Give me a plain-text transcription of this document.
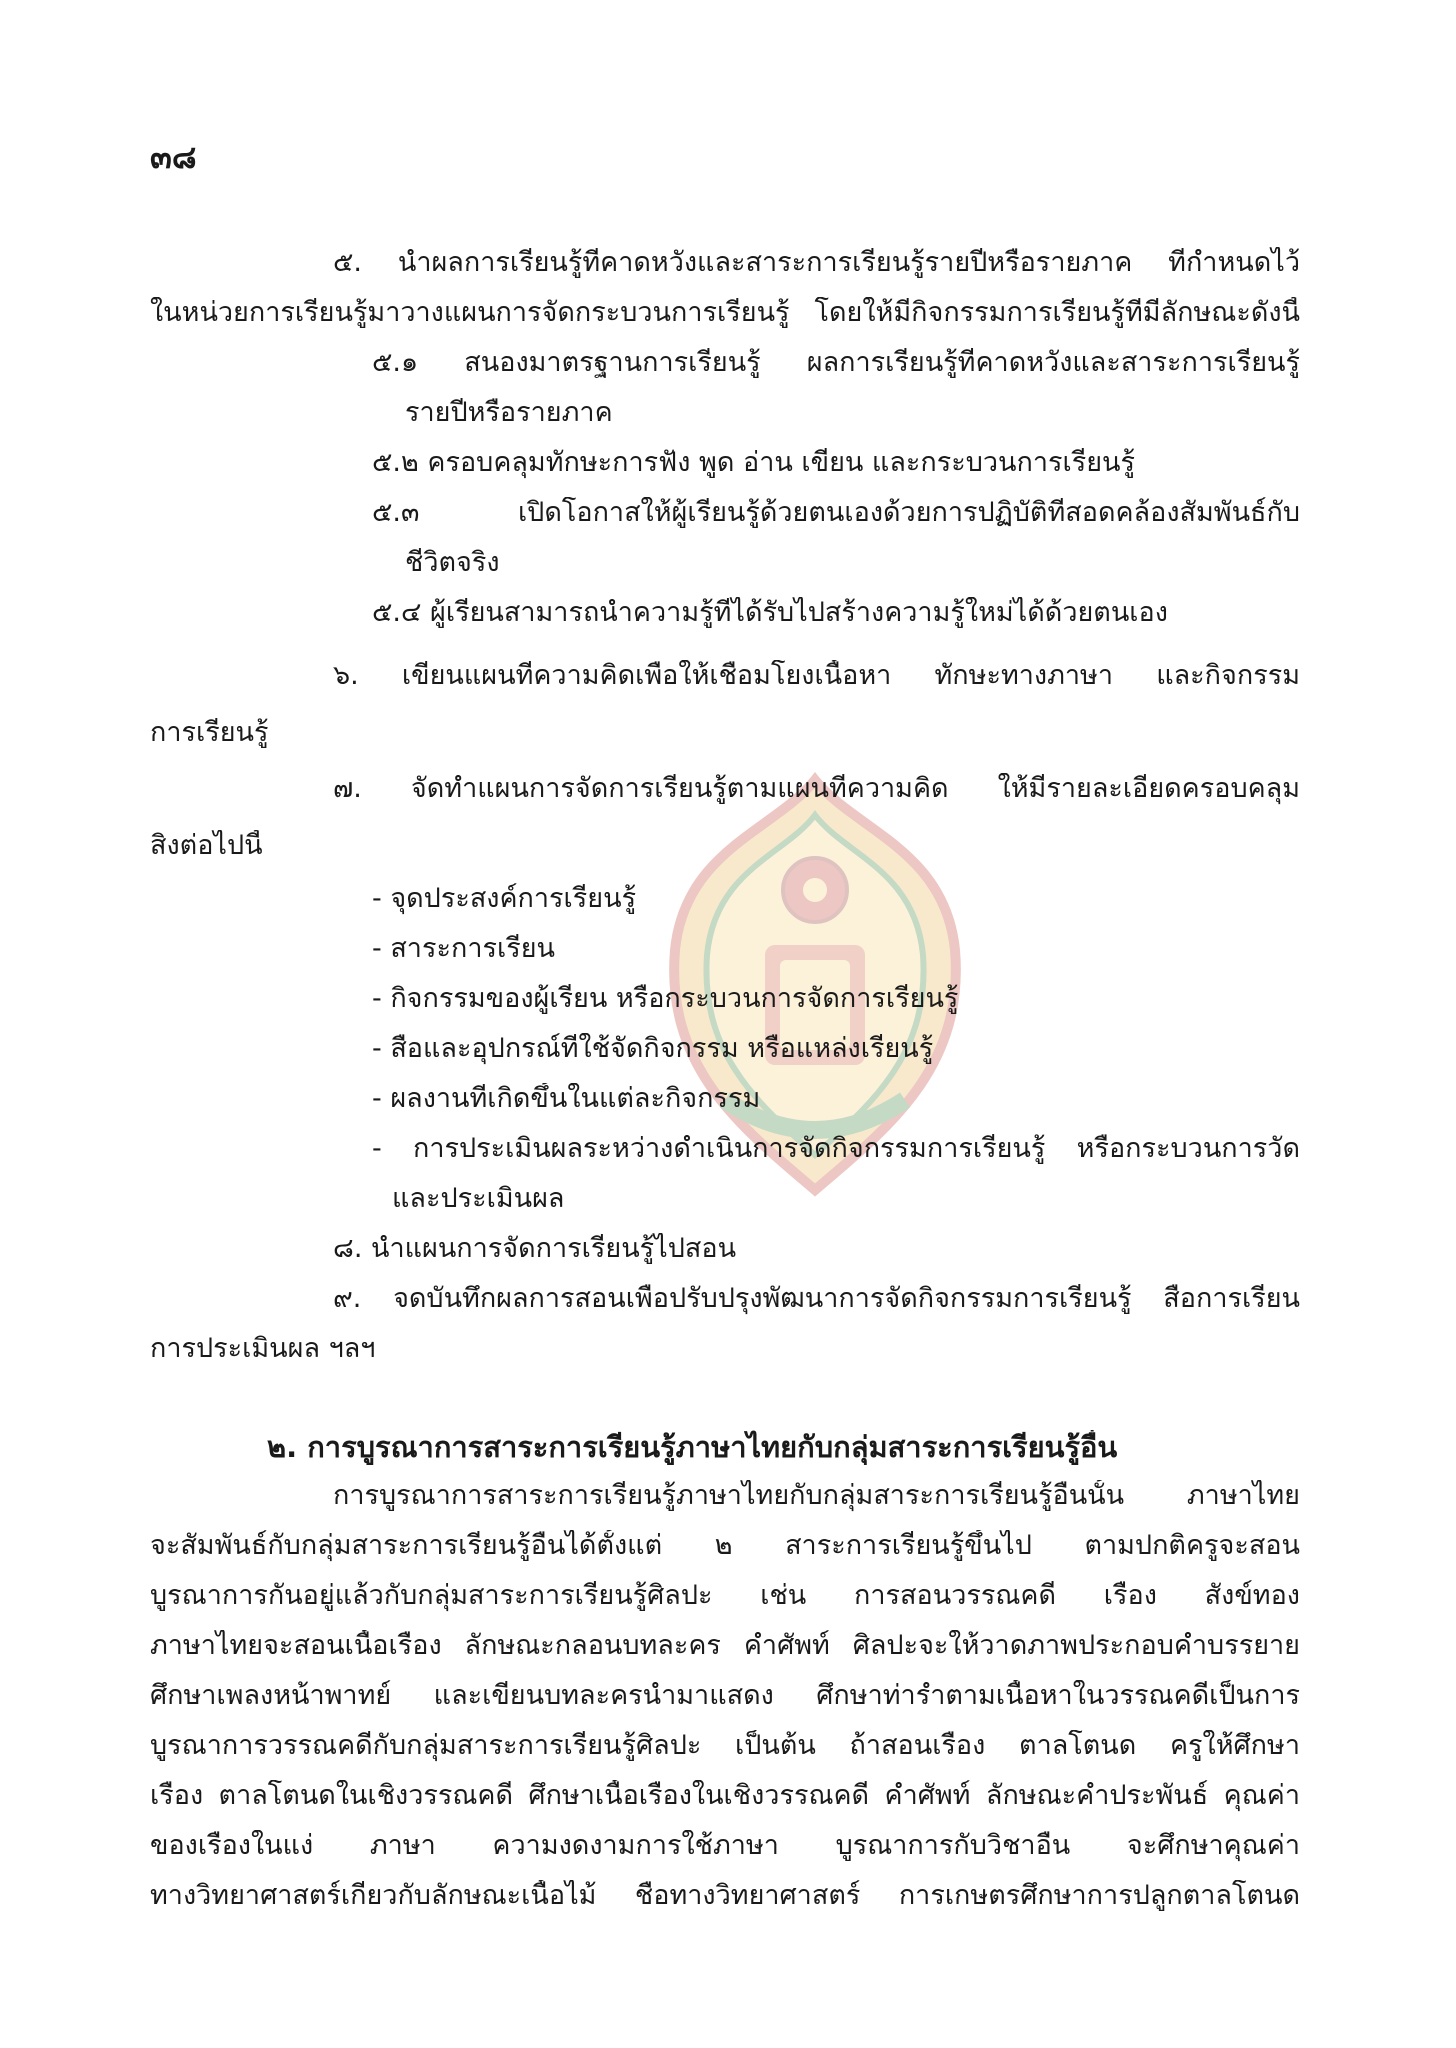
๓๘
๕. นำผลการเรียนรู้ที่คาดหวังและสาระการเรียนรู้รายปีหรือรายภาค ที่กำหนดไว้
ในหน่วยการเรียนรู้มาวางแผนการจัดกระบวนการเรียนรู้ โดยให้มีกิจกรรมการเรียนรู้ที่มีลักษณะดังนี้
๕.๑ สนองมาตรฐานการเรียนรู้ ผลการเรียนรู้ที่คาดหวังและสาระการเรียนรู้
รายปีหรือรายภาค
๕.๒ ครอบคลุมทักษะการฟัง พูด อ่าน เขียน และกระบวนการเรียนรู้
๕.๓ เปิดโอกาสให้ผู้เรียนรู้ด้วยตนเองด้วยการปฏิบัติที่สอดคล้องสัมพันธ์กับ
ชีวิตจริง
๕.๔ ผู้เรียนสามารถนำความรู้ที่ได้รับไปสร้างความรู้ใหม่ได้ด้วยตนเอง
๖. เขียนแผนที่ความคิดเพื่อให้เชื่อมโยงเนื้อหา ทักษะทางภาษา และกิจกรรม
การเรียนรู้
๗. จัดทำแผนการจัดการเรียนรู้ตามแผนที่ความคิด ให้มีรายละเอียดครอบคลุม
สิ่งต่อไปนี้
- จุดประสงค์การเรียนรู้
- สาระการเรียน
- กิจกรรมของผู้เรียน หรือกระบวนการจัดการเรียนรู้
- สื่อและอุปกรณ์ที่ใช้จัดกิจกรรม หรือแหล่งเรียนรู้
- ผลงานที่เกิดขึ้นในแต่ละกิจกรรม
- การประเมินผลระหว่างดำเนินการจัดกิจกรรมการเรียนรู้ หรือกระบวนการวัด
และประเมินผล
๘. นำแผนการจัดการเรียนรู้ไปสอน
๙. จดบันทึกผลการสอนเพื่อปรับปรุงพัฒนาการจัดกิจกรรมการเรียนรู้ สื่อการเรียน
การประเมินผล ฯลฯ
๒. การบูรณาการสาระการเรียนรู้ภาษาไทยกับกลุ่มสาระการเรียนรู้อื่น
การบูรณาการสาระการเรียนรู้ภาษาไทยกับกลุ่มสาระการเรียนรู้อื่นนั้น ภาษาไทย
จะสัมพันธ์กับกลุ่มสาระการเรียนรู้อื่นได้ตั้งแต่ ๒ สาระการเรียนรู้ขึ้นไป ตามปกติครูจะสอน
บูรณาการกันอยู่แล้วกับกลุ่มสาระการเรียนรู้ศิลปะ เช่น การสอนวรรณคดี เรื่อง สังข์ทอง
ภาษาไทยจะสอนเนื้อเรื่อง ลักษณะกลอนบทละคร คำศัพท์ ศิลปะจะให้วาดภาพประกอบคำบรรยาย
ศึกษาเพลงหน้าพาทย์ และเขียนบทละครนำมาแสดง ศึกษาท่ารำตามเนื้อหาในวรรณคดีเป็นการ
บูรณาการวรรณคดีกับกลุ่มสาระการเรียนรู้ศิลปะ เป็นต้น ถ้าสอนเรื่อง ตาลโตนด ครูให้ศึกษา
เรื่อง ตาลโตนดในเชิงวรรณคดี ศึกษาเนื้อเรื่องในเชิงวรรณคดี คำศัพท์ ลักษณะคำประพันธ์ คุณค่า
ของเรื่องในแง่ ภาษา ความงดงามการใช้ภาษา บูรณาการกับวิชาอื่น จะศึกษาคุณค่า
ทางวิทยาศาสตร์เกี่ยวกับลักษณะเนื้อไม้ ชื่อทางวิทยาศาสตร์ การเกษตรศึกษาการปลูกตาลโตนด
